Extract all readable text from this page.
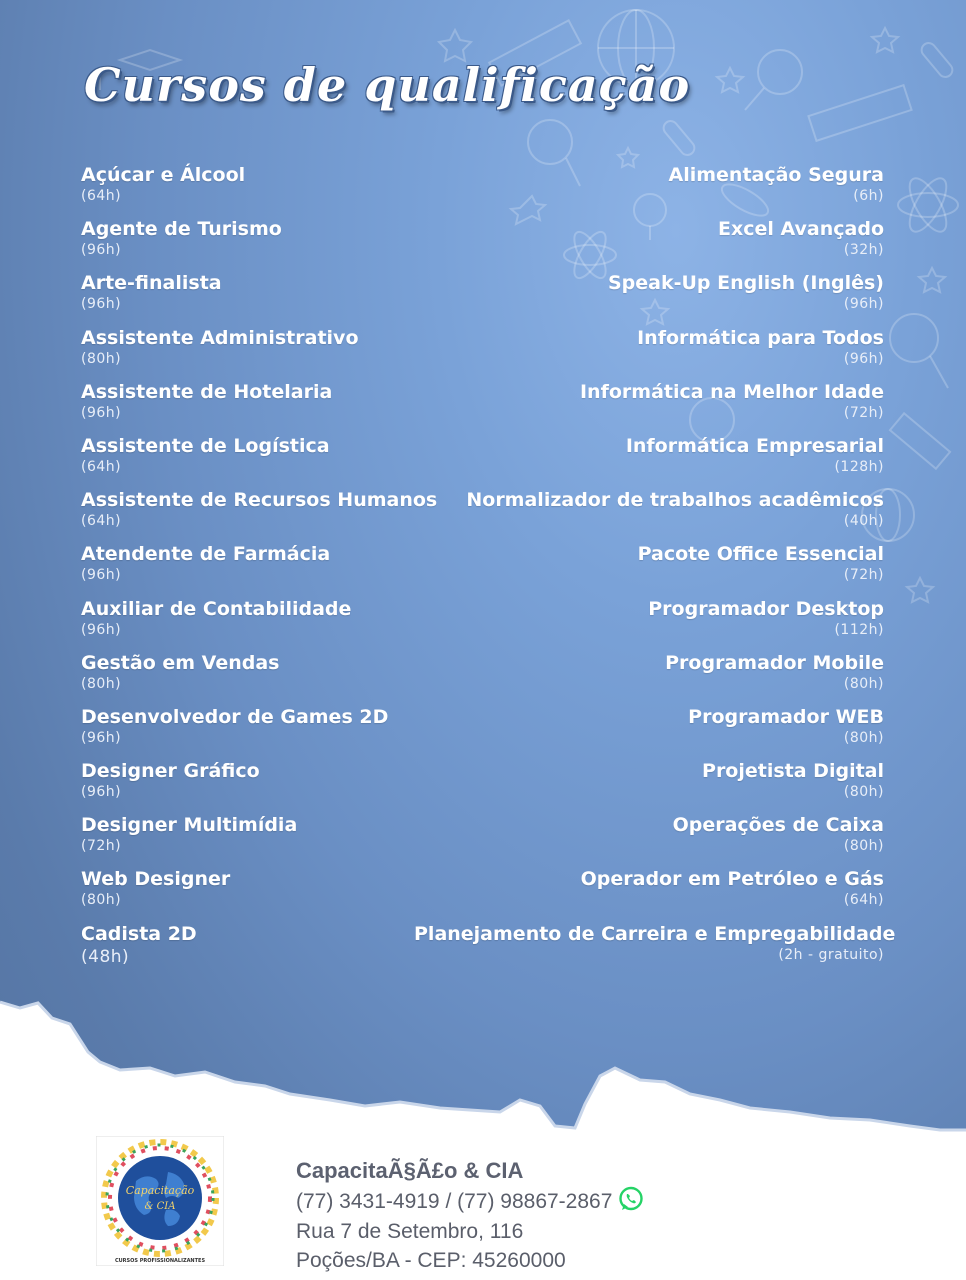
Cursos de qualificação
Açúcar e Álcool
(64h)
Agente de Turismo
(96h)
Arte-finalista
(96h)
Assistente Administrativo
(80h)
Assistente de Hotelaria
(96h)
Assistente de Logística
(64h)
Assistente de Recursos Humanos
(64h)
Atendente de Farmácia
(96h)
Auxiliar de Contabilidade
(96h)
Gestão em Vendas
(80h)
Desenvolvedor de Games 2D
(96h)
Designer Gráfico
(96h)
Designer Multimídia
(72h)
Web Designer
(80h)
Cadista 2D
(48h)
Alimentação Segura
(6h)
Excel Avançado
(32h)
Speak-Up English (Inglês)
(96h)
Informática para Todos
(96h)
Informática na Melhor Idade
(72h)
Informática Empresarial
(128h)
Normalizador de trabalhos acadêmicos
(40h)
Pacote Office Essencial
(72h)
Programador Desktop
(112h)
Programador Mobile
(80h)
Programador WEB
(80h)
Projetista Digital
(80h)
Operações de Caixa
(80h)
Operador em Petróleo e Gás
(64h)
Planejamento de Carreira e Empregabilidade
(2h - gratuito)
Capacitação
& CIA
CURSOS PROFISSIONALIZANTES
CapacitaÃ§Ã£o & CIA
(77) 3431-4919 / (77) 98867-2867
Rua 7 de Setembro, 116
Poções/BA - CEP: 45260000
